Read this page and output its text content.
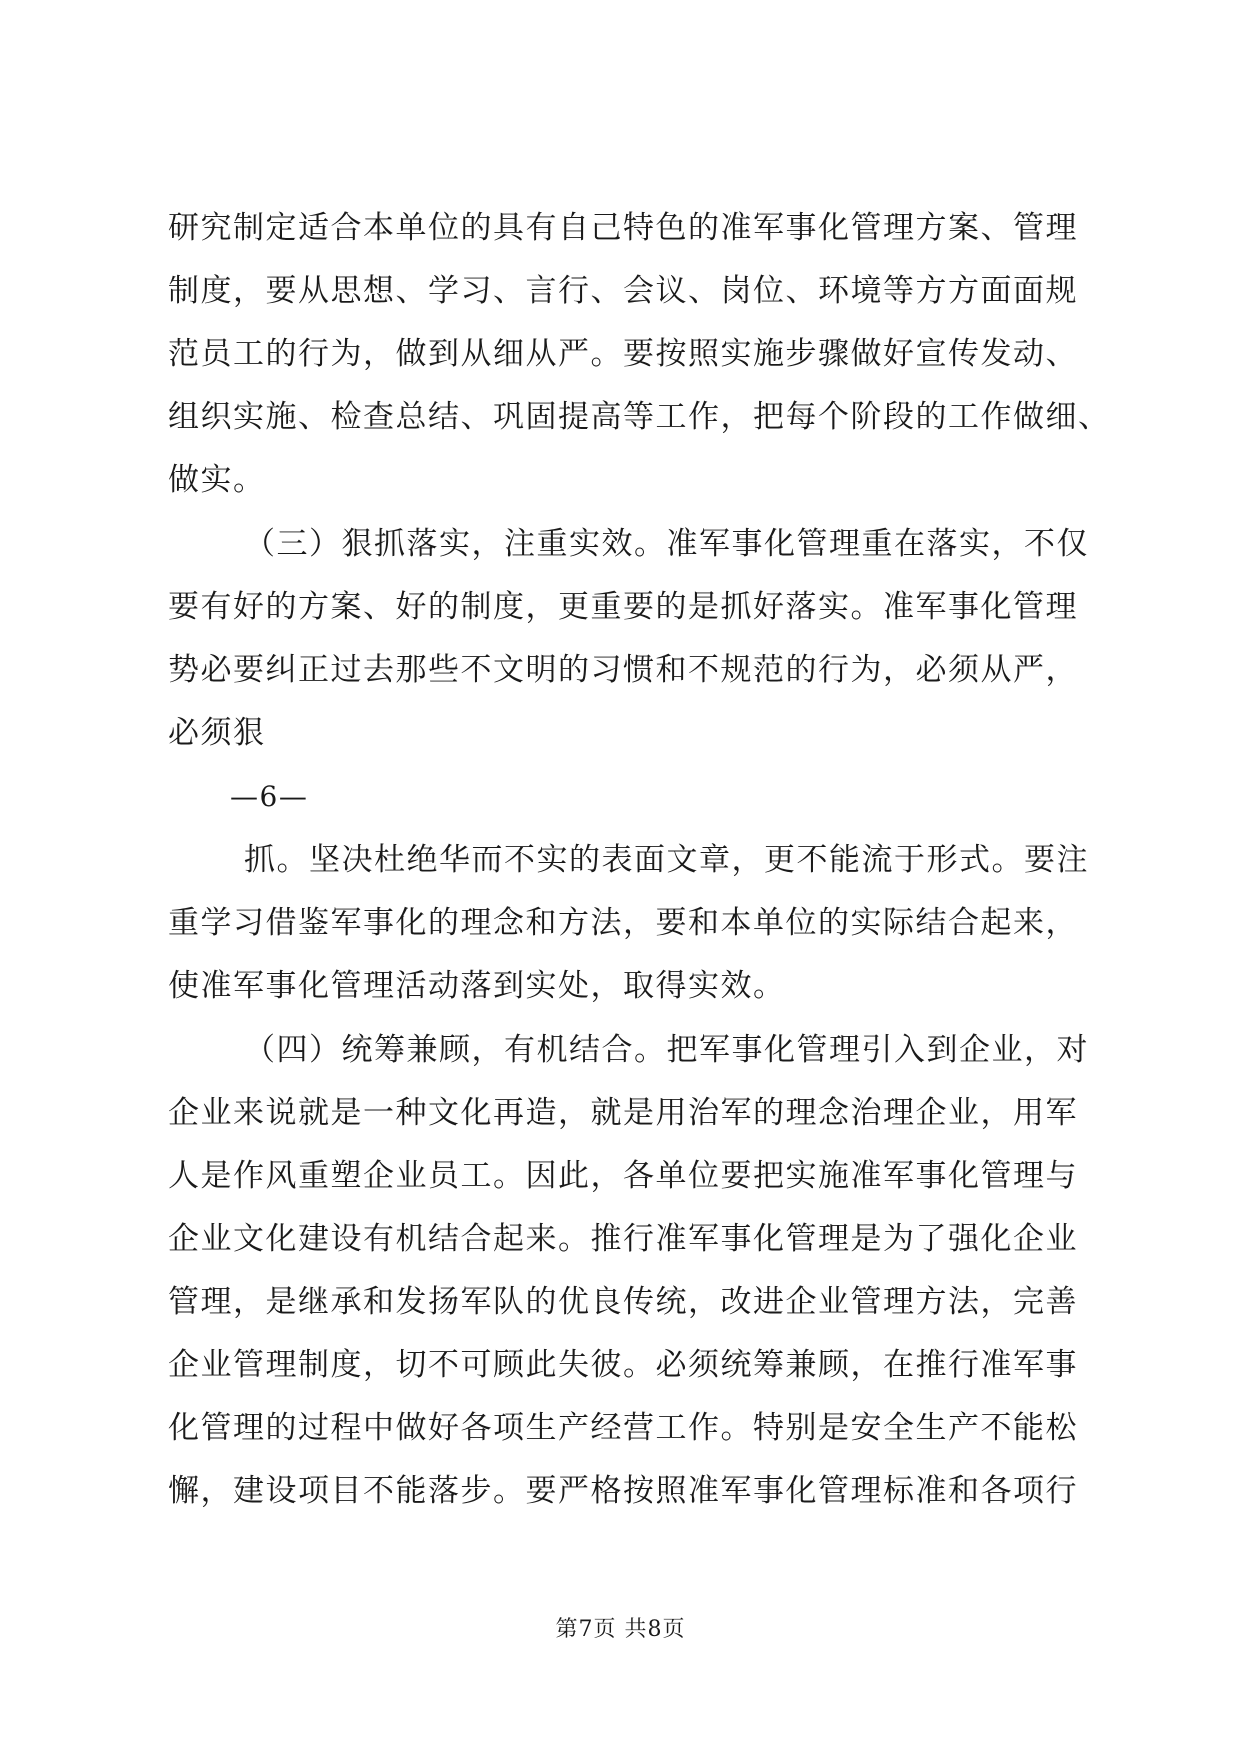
研究制定适合本单位的具有自己特色的准军事化管理方案、管理
制度，要从思想、学习、言行、会议、岗位、环境等方方面面规
范员工的行为，做到从细从严。要按照实施步骤做好宣传发动、
组织实施、检查总结、巩固提高等工作，把每个阶段的工作做细、
做实。
（三）狠抓落实，注重实效。准军事化管理重在落实，不仅
要有好的方案、好的制度，更重要的是抓好落实。准军事化管理
势必要纠正过去那些不文明的习惯和不规范的行为，必须从严，
必须狠
—6—
抓。坚决杜绝华而不实的表面文章，更不能流于形式。要注
重学习借鉴军事化的理念和方法，要和本单位的实际结合起来，
使准军事化管理活动落到实处，取得实效。
（四）统筹兼顾，有机结合。把军事化管理引入到企业，对
企业来说就是一种文化再造，就是用治军的理念治理企业，用军
人是作风重塑企业员工。因此，各单位要把实施准军事化管理与
企业文化建设有机结合起来。推行准军事化管理是为了强化企业
管理，是继承和发扬军队的优良传统，改进企业管理方法，完善
企业管理制度，切不可顾此失彼。必须统筹兼顾，在推行准军事
化管理的过程中做好各项生产经营工作。特别是安全生产不能松
懈，建设项目不能落步。要严格按照准军事化管理标准和各项行
第7页 共8页
